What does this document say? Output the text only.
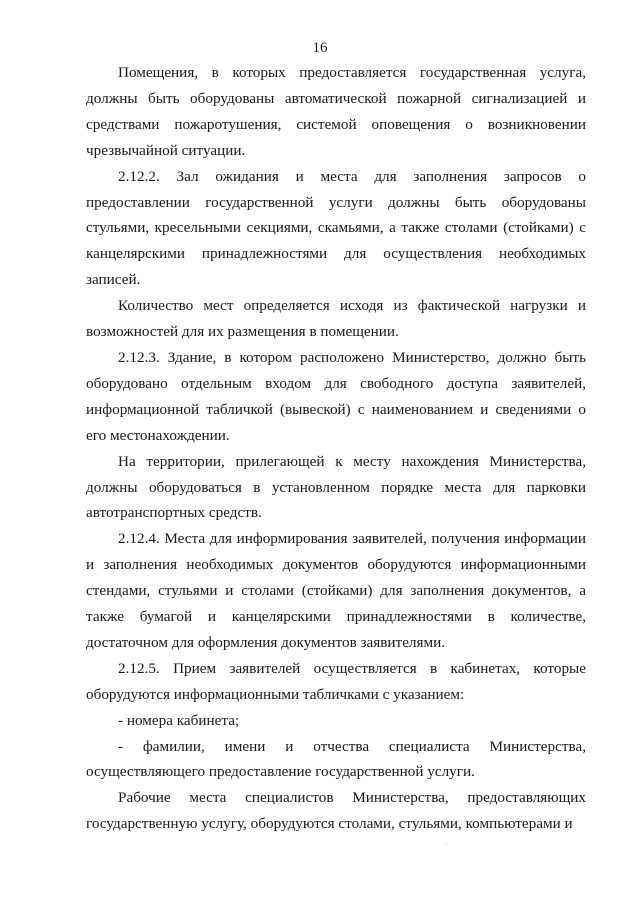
16

Помещения, в которых предоставляется государственная услуга, должны быть оборудованы автоматической пожарной сигнализацией и средствами пожаротушения, системой оповещения о возникновении чрезвычайной ситуации.

2.12.2. Зал ожидания и места для заполнения запросов о предоставлении государственной услуги должны быть оборудованы стульями, кресельными секциями, скамьями, а также столами (стойками) с канцелярскими принадлежностями для осуществления необходимых записей.

Количество мест определяется исходя из фактической нагрузки и возможностей для их размещения в помещении.

2.12.3. Здание, в котором расположено Министерство, должно быть оборудовано отдельным входом для свободного доступа заявителей, информационной табличкой (вывеской) с наименованием и сведениями о его местонахождении.

На территории, прилегающей к месту нахождения Министерства, должны оборудоваться в установленном порядке места для парковки автотранспортных средств.

2.12.4. Места для информирования заявителей, получения информации и заполнения необходимых документов оборудуются информационными стендами, стульями и столами (стойками) для заполнения документов, а также бумагой и канцелярскими принадлежностями в количестве, достаточном для оформления документов заявителями.

2.12.5. Прием заявителей осуществляется в кабинетах, которые оборудуются информационными табличками с указанием:

- номера кабинета;

- фамилии, имени и отчества специалиста Министерства, осуществляющего предоставление государственной услуги.

Рабочие места специалистов Министерства, предоставляющих государственную услугу, оборудуются столами, стульями, компьютерами и
